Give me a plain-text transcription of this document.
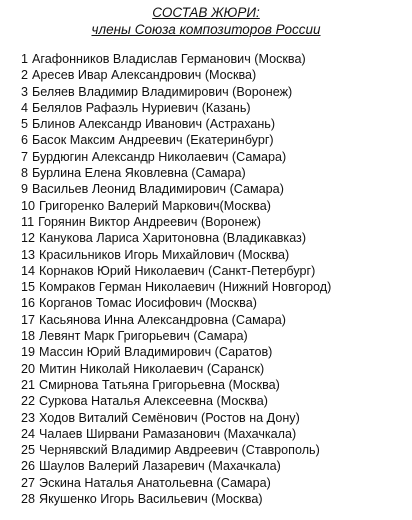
СОСТАВ ЖЮРИ:
члены Союза композиторов России
1 Агафонников Владислав Германович (Москва)
2 Аресев Ивар Александрович (Москва)
3 Беляев Владимир Владимирович (Воронеж)
4 Белялов Рафаэль Нуриевич (Казань)
5 Блинов Александр Иванович (Астрахань)
6 Басок Максим Андреевич (Екатеринбург)
7 Бурдюгин Александр Николаевич (Самара)
8 Бурлина Елена Яковлевна (Самара)
9 Васильев Леонид Владимирович (Самара)
10 Григоренко Валерий Маркович(Москва)
11 Горянин Виктор Андреевич (Воронеж)
12 Канукова Лариса Харитоновна (Владикавказ)
13 Красильников Игорь Михайлович (Москва)
14 Корнаков Юрий Николаевич (Санкт-Петербург)
15 Комраков Герман Николаевич (Нижний Новгород)
16 Корганов Томас Иосифович (Москва)
17 Касьянова Инна Александровна (Самара)
18 Левянт Марк Григорьевич (Самара)
19 Массин Юрий Владимирович (Саратов)
20 Митин Николай Николаевич (Саранск)
21 Смирнова Татьяна Григорьевна (Москва)
22 Суркова Наталья Алексеевна (Москва)
23 Ходов Виталий Семёнович (Ростов на Дону)
24 Чалаев Ширвани Рамазанович (Махачкала)
25 Чернявский Владимир Авдреевич (Ставрополь)
26 Шаулов Валерий Лазаревич (Махачкала)
27 Эскина Наталья Анатольевна (Самара)
28 Якушенко Игорь Васильевич (Москва)
